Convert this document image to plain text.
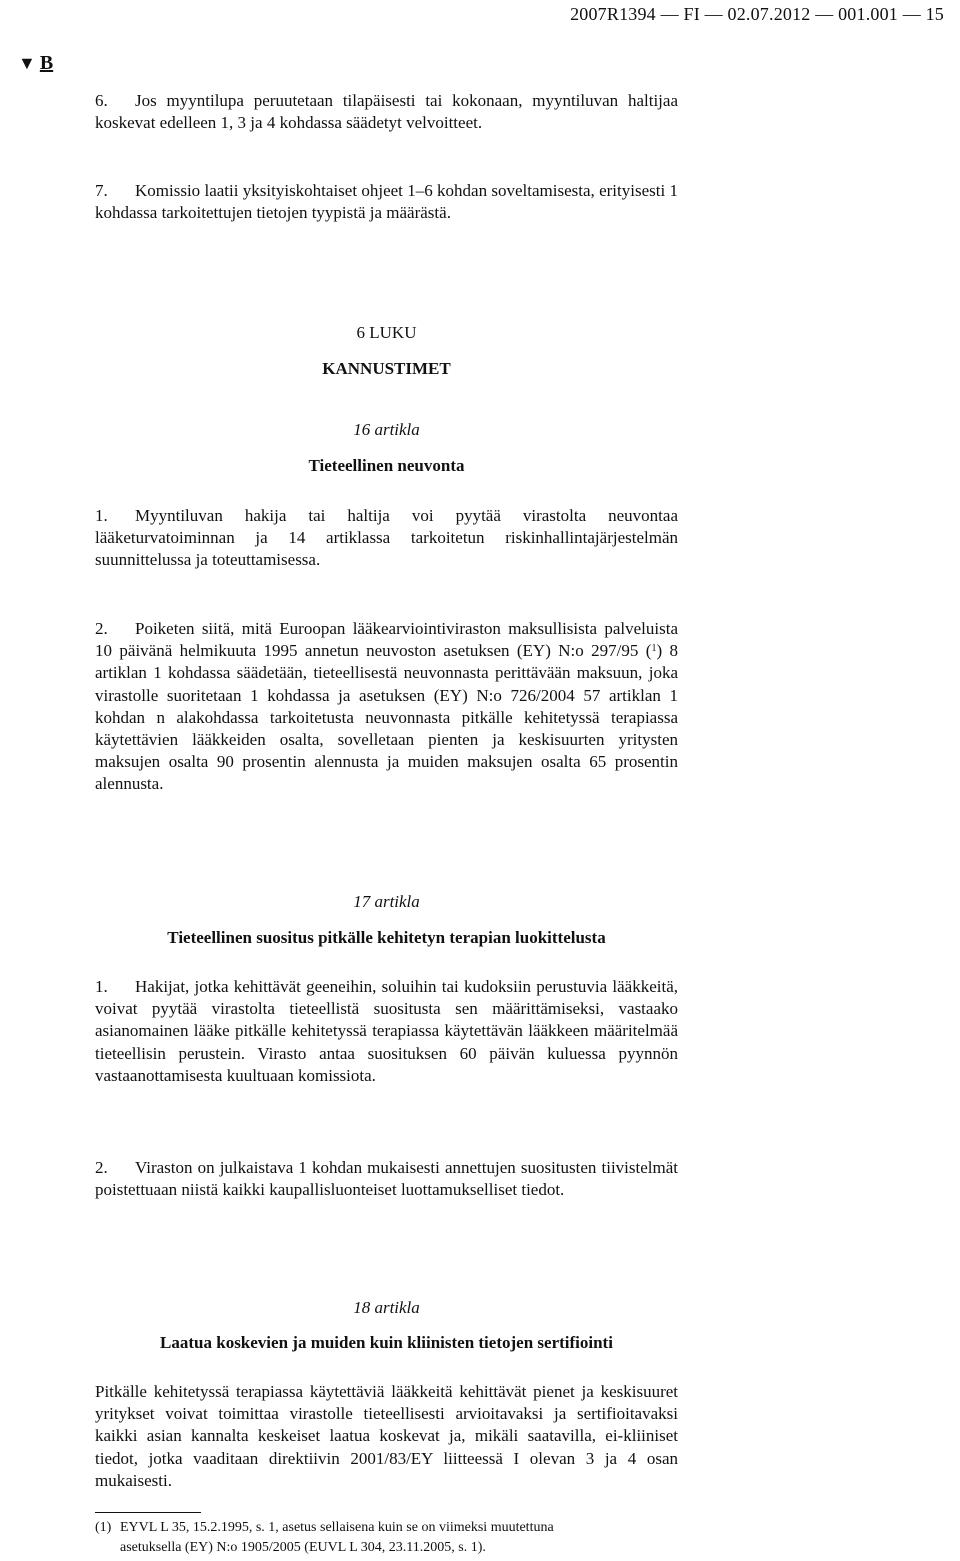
2007R1394 — FI — 02.07.2012 — 001.001 — 15
▼ B
6. Jos myyntilupa peruutetaan tilapäisesti tai kokonaan, myyntiluvan haltijaa koskevat edelleen 1, 3 ja 4 kohdassa säädetyt velvoitteet.
7. Komissio laatii yksityiskohtaiset ohjeet 1–6 kohdan soveltamisesta, erityisesti 1 kohdassa tarkoitettujen tietojen tyypistä ja määrästä.
6 LUKU
KANNUSTIMET
16 artikla
Tieteellinen neuvonta
1. Myyntiluvan hakija tai haltija voi pyytää virastolta neuvontaa lääketurvatoiminnan ja 14 artiklassa tarkoitetun riskinhallintajärjestelmän suunnittelussa ja toteuttamisessa.
2. Poiketen siitä, mitä Euroopan lääkearviointiviraston maksullisista palveluista 10 päivänä helmikuuta 1995 annetun neuvoston asetuksen (EY) N:o 297/95 ($^1$) 8 artiklan 1 kohdassa säädetään, tieteellisestä neuvonnasta perittävään maksuun, joka virastolle suoritetaan 1 kohdassa ja asetuksen (EY) N:o 726/2004 57 artiklan 1 kohdan n alakohdassa tarkoitetusta neuvonnasta pitkälle kehitetyssä terapiassa käytettävien lääkkeiden osalta, sovelletaan pienten ja keskisuurten yritysten maksujen osalta 90 prosentin alennusta ja muiden maksujen osalta 65 prosentin alennusta.
17 artikla
Tieteellinen suositus pitkälle kehitetyn terapian luokittelusta
1. Hakijat, jotka kehittävät geeneihin, soluihin tai kudoksiin perustuvia lääkkeitä, voivat pyytää virastolta tieteellistä suositusta sen määrittämiseksi, vastaako asianomainen lääke pitkälle kehitetyssä terapiassa käytettävän lääkkeen määritelmää tieteellisin perustein. Virasto antaa suosituksen 60 päivän kuluessa pyynnön vastaanottamisesta kuultuaan komissiota.
2. Viraston on julkaistava 1 kohdan mukaisesti annettujen suositusten tiivistelmät poistettuaan niistä kaikki kaupallisluonteiset luottamukselliset tiedot.
18 artikla
Laatua koskevien ja muiden kuin kliinisten tietojen sertifiointi
Pitkälle kehitetyssä terapiassa käytettäviä lääkkeitä kehittävät pienet ja keskisuuret yritykset voivat toimittaa virastolle tieteellisesti arvioitavaksi ja sertifioitavaksi kaikki asian kannalta keskeiset laatua koskevat ja, mikäli saatavilla, ei-kliiniset tiedot, jotka vaaditaan direktiivin 2001/83/EY liitteessä I olevan 3 ja 4 osan mukaisesti.
(1) EYVL L 35, 15.2.1995, s. 1, asetus sellaisena kuin se on viimeksi muutettuna
asetuksella (EY) N:o 1905/2005 (EUVL L 304, 23.11.2005, s. 1).
